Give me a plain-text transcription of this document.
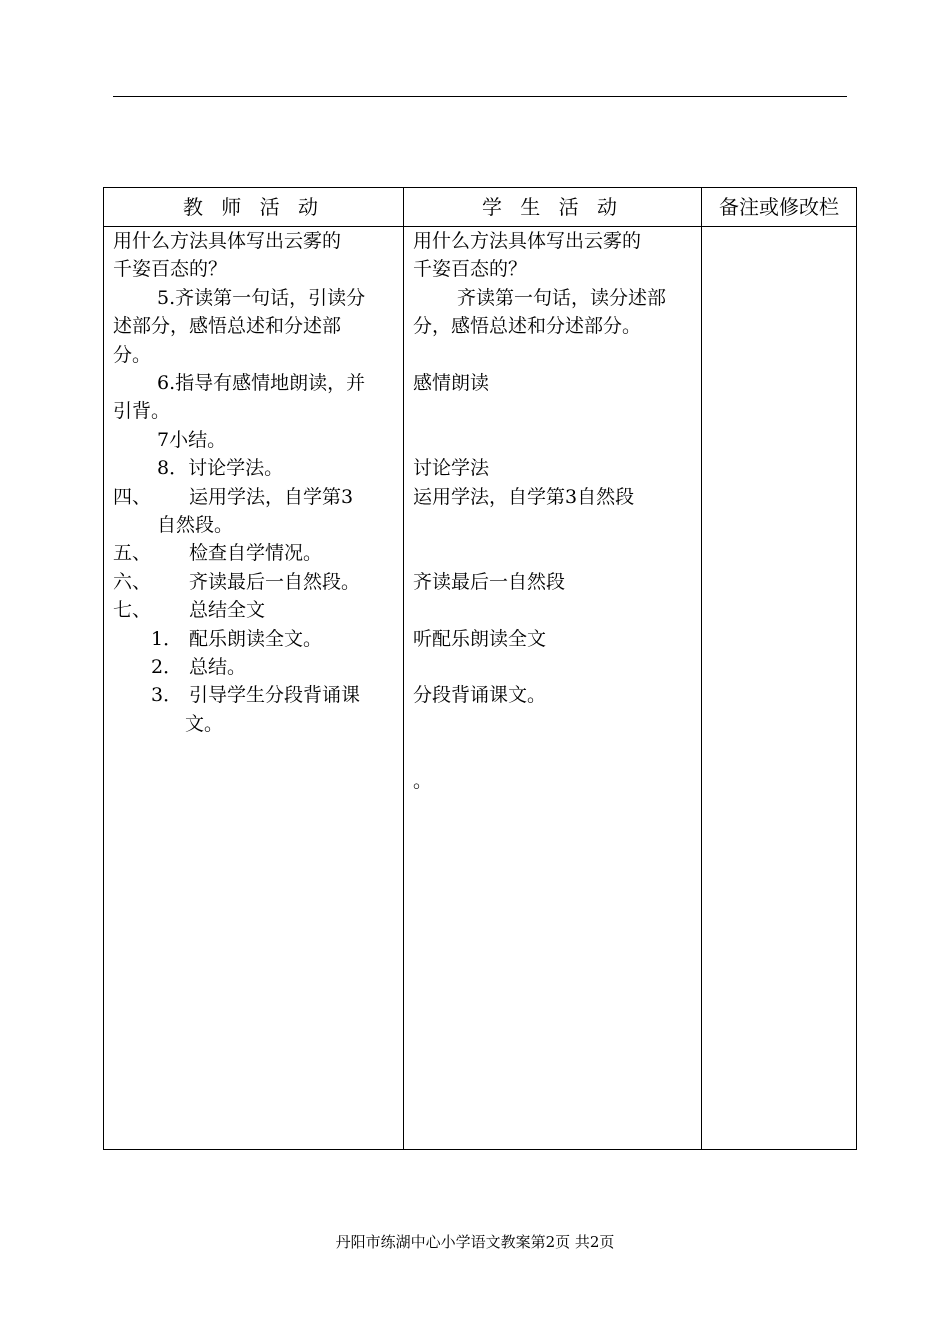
教 师 活 动	学 生 活 动	备注或修改栏
用什么方法具体写出云雾的
千姿百态的？
5.齐读第一句话，引读分
述部分，感悟总述和分述部
分。
6.指导有感情地朗读，并
引背。
7小结。
8．讨论学法。
四、 运用学法，自学第3
自然段。
五、 检查自学情况。
六、 齐读最后一自然段。
七、 总结全文
1． 配乐朗读全文。
2． 总结。
3． 引导学生分段背诵课
文。
用什么方法具体写出云雾的
千姿百态的？
齐读第一句话，读分述部
分，感悟总述和分述部分。
感情朗读
讨论学法
运用学法，自学第3自然段
齐读最后一自然段
听配乐朗读全文
分段背诵课文。
。
丹阳市练湖中心小学语文教案第2页 共2页
